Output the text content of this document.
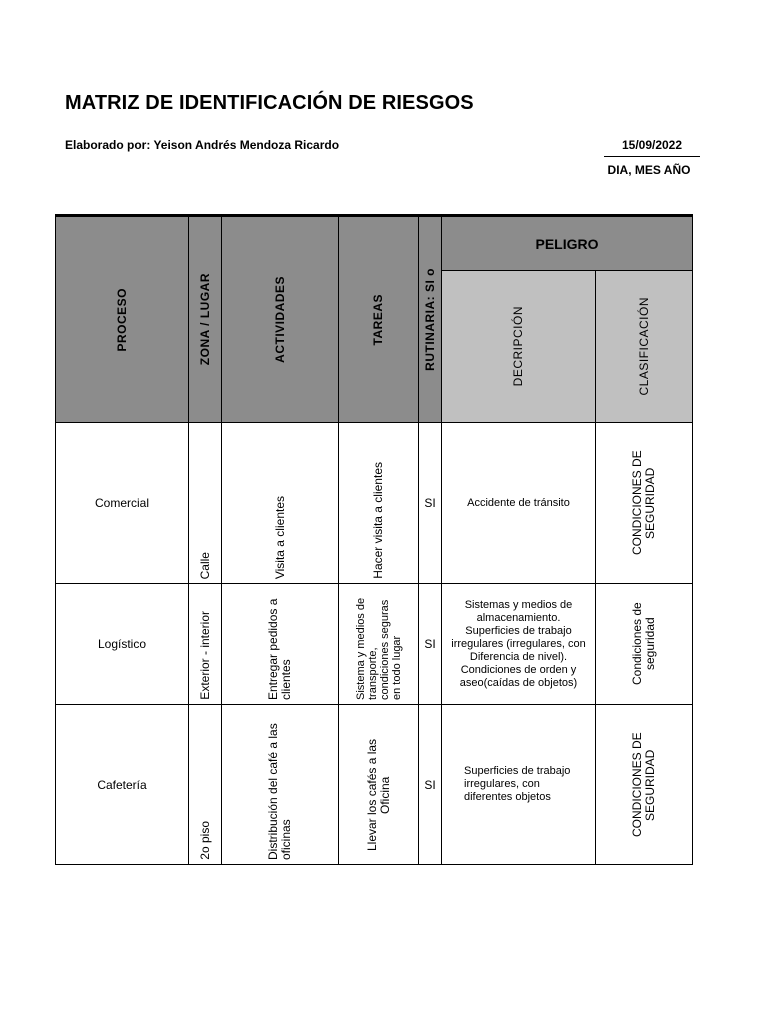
MATRIZ DE IDENTIFICACIÓN DE RIESGOS
Elaborado por: Yeison Andrés Mendoza Ricardo	15/09/2022
DIA, MES AÑO
PROCESO	ZONA / LUGAR	ACTIVIDADES	TAREAS	RUTINARIA: SI o	PELIGRO	

					DECRIPCIÓN	CLASIFICACIÓN

Comercial	Calle	Visita a clientes	Hacer visita a clientes	SI	Accidente de tránsito	CONDICIONES DE SEGURIDAD

Logístico	Exterior - interior	Entregar pedidos a clientes	Sistema y medios de transporte, condiciones seguras en todo lugar	SI	Sistemas y medios de almacenamiento. Superficies de trabajo irregulares (irregulares, con Diferencia de nivel). Condiciones de orden y aseo(caídas de objetos)	Condiciones de seguridad

Cafetería	2o piso	Distribución del café a las oficinas	Llevar los cafés a las Oficina	SI	Superficies de trabajo irregulares, con diferentes objetos	CONDICIONES DE SEGURIDAD
